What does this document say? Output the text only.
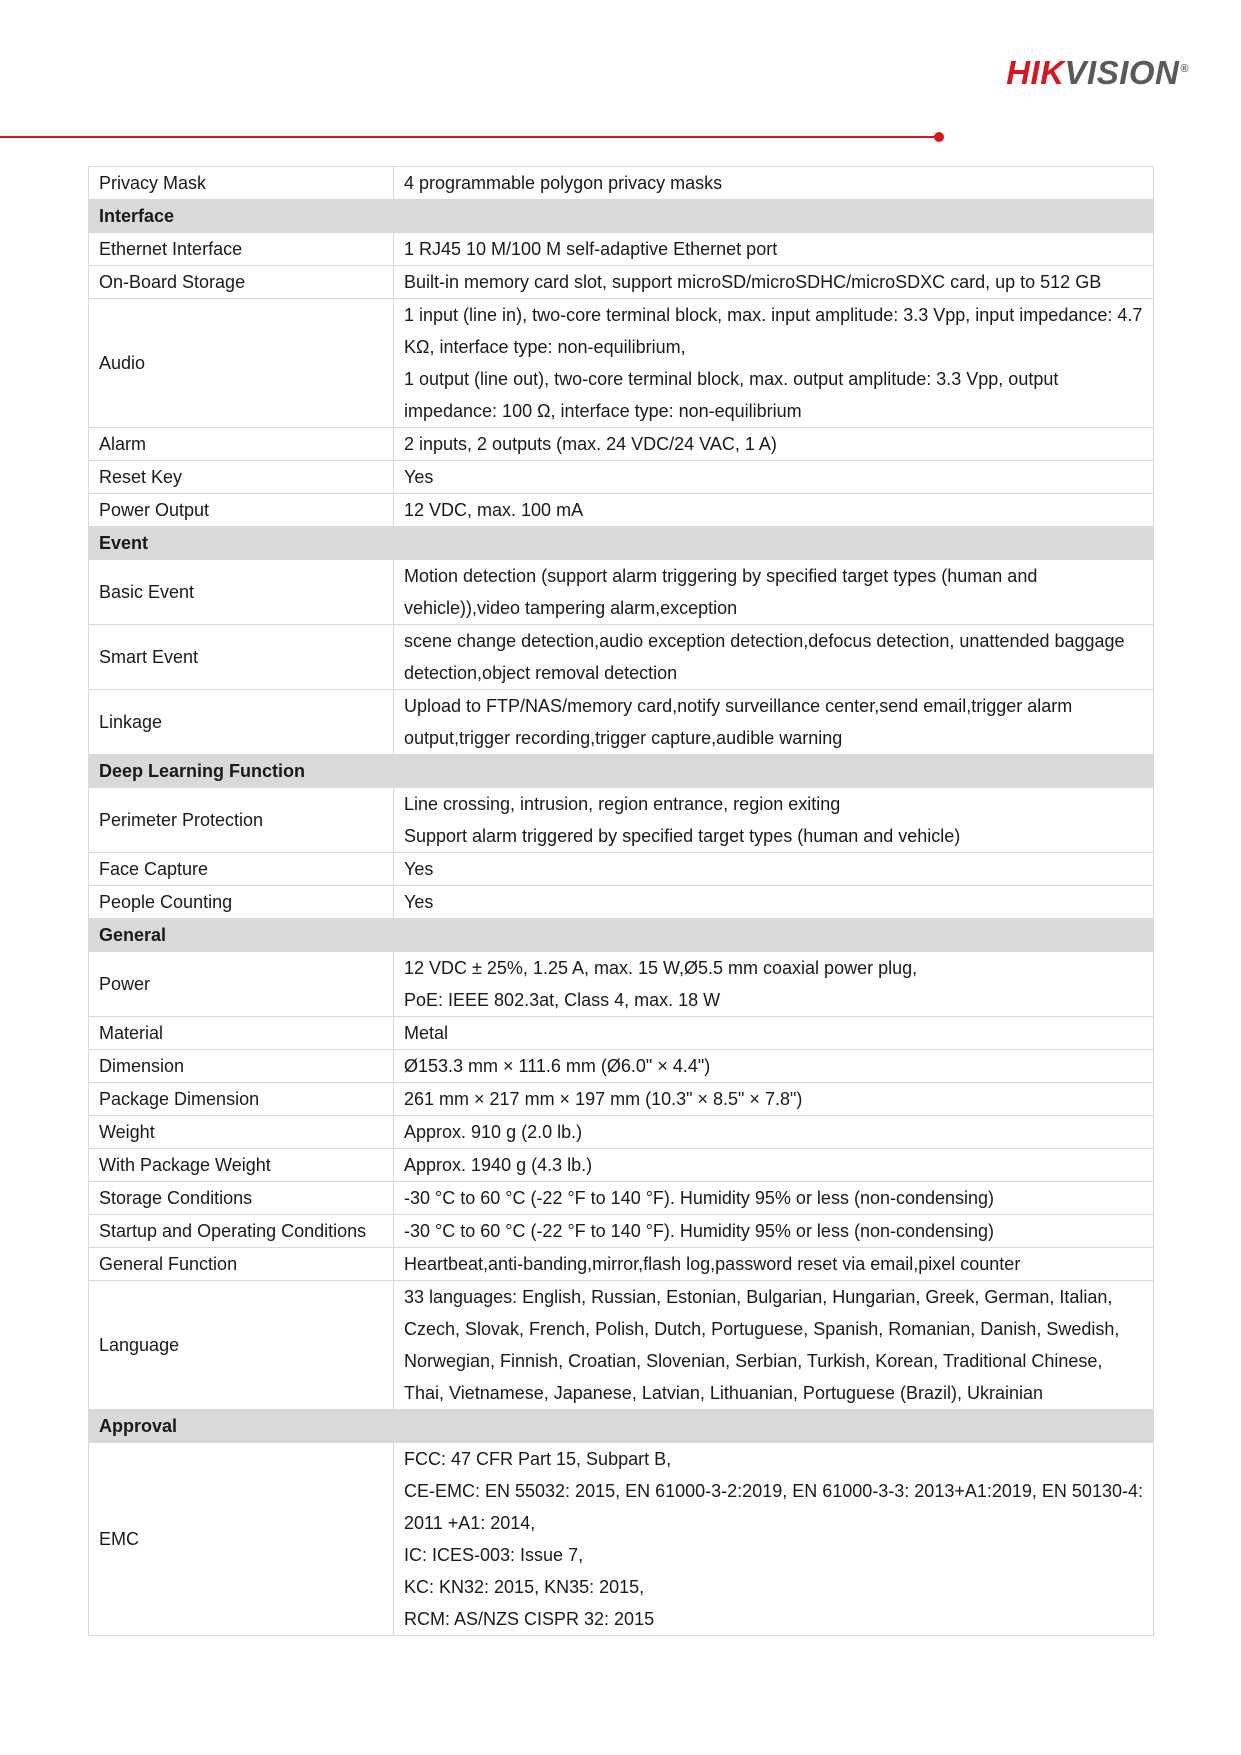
HIKVISION®
Privacy Mask	4 programmable polygon privacy masks

Interface	
Ethernet Interface	1 RJ45 10 M/100 M self-adaptive Ethernet port

On-Board Storage	Built-in memory card slot, support microSD/microSDHC/microSDXC card, up to 512 GB

Audio	1 input (line in), two-core terminal block, max. input amplitude: 3.3 Vpp, input impedance: 4.7 KΩ, interface type: non-equilibrium,
1 output (line out), two-core terminal block, max. output amplitude: 3.3 Vpp, output impedance: 100 Ω, interface type: non-equilibrium

Alarm	2 inputs, 2 outputs (max. 24 VDC/24 VAC, 1 A)

Reset Key	Yes

Power Output	12 VDC, max. 100 mA

Event	
Basic Event	Motion detection (support alarm triggering by specified target types (human and vehicle)),video tampering alarm,exception

Smart Event	scene change detection,audio exception detection,defocus detection, unattended baggage detection,object removal detection

Linkage	Upload to FTP/NAS/memory card,notify surveillance center,send email,trigger alarm output,trigger recording,trigger capture,audible warning

Deep Learning Function	
Perimeter Protection	Line crossing, intrusion, region entrance, region exiting
Support alarm triggered by specified target types (human and vehicle)

Face Capture	Yes

People Counting	Yes

General	
Power	12 VDC ± 25%, 1.25 A, max. 15 W,Ø5.5 mm coaxial power plug,
PoE: IEEE 802.3at, Class 4, max. 18 W

Material	Metal

Dimension	Ø153.3 mm × 111.6 mm (Ø6.0" × 4.4")

Package Dimension	261 mm × 217 mm × 197 mm (10.3" × 8.5" × 7.8")

Weight	Approx. 910 g (2.0 lb.)

With Package Weight	Approx. 1940 g (4.3 lb.)

Storage Conditions	-30 °C to 60 °C (-22 °F to 140 °F). Humidity 95% or less (non-condensing)

Startup and Operating Conditions	-30 °C to 60 °C (-22 °F to 140 °F). Humidity 95% or less (non-condensing)

General Function	Heartbeat,anti-banding,mirror,flash log,password reset via email,pixel counter

Language	33 languages: English, Russian, Estonian, Bulgarian, Hungarian, Greek, German, Italian, Czech, Slovak, French, Polish, Dutch, Portuguese, Spanish, Romanian, Danish, Swedish, Norwegian, Finnish, Croatian, Slovenian, Serbian, Turkish, Korean, Traditional Chinese, Thai, Vietnamese, Japanese, Latvian, Lithuanian, Portuguese (Brazil), Ukrainian

Approval	
EMC	FCC: 47 CFR Part 15, Subpart B,
CE-EMC: EN 55032: 2015, EN 61000-3-2:2019, EN 61000-3-3: 2013+A1:2019, EN 50130-4: 2011 +A1: 2014,
IC: ICES-003: Issue 7,
KC: KN32: 2015, KN35: 2015,
RCM: AS/NZS CISPR 32: 2015
